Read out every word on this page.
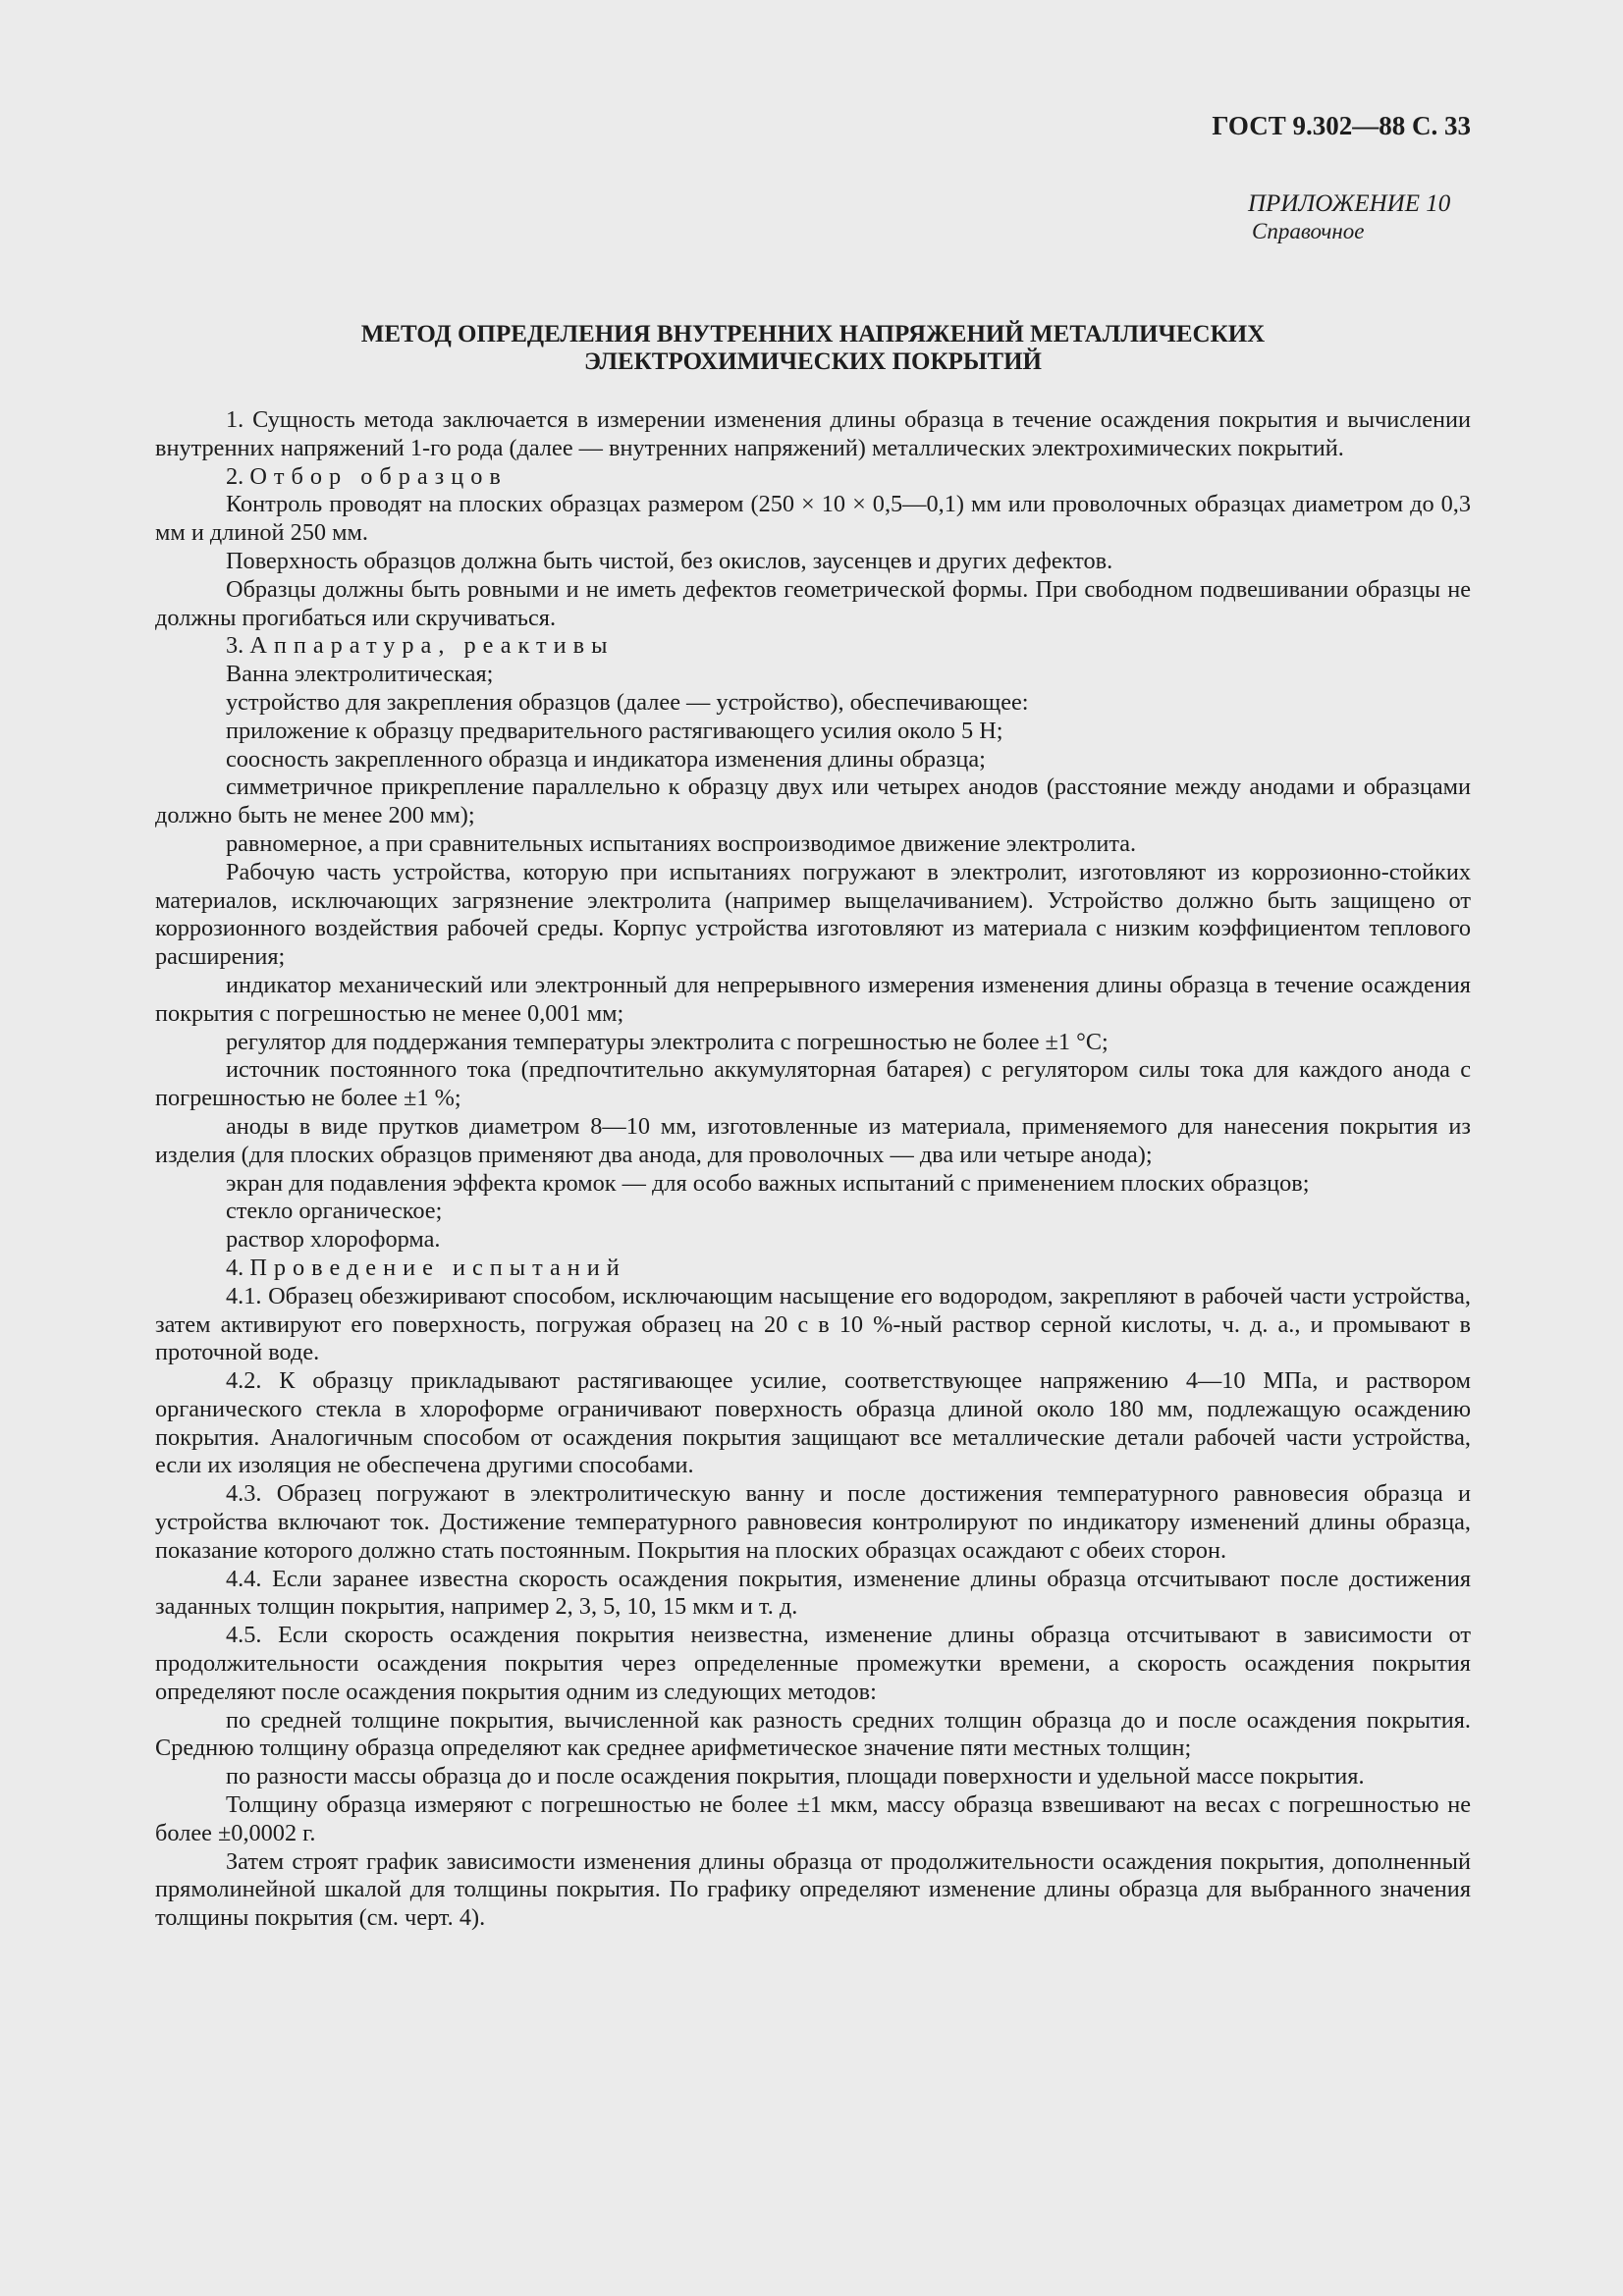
ГОСТ 9.302—88 С. 33

ПРИЛОЖЕНИЕ 10
Справочное
МЕТОД ОПРЕДЕЛЕНИЯ ВНУТРЕННИХ НАПРЯЖЕНИЙ МЕТАЛЛИЧЕСКИХ
ЭЛЕКТРОХИМИЧЕСКИХ ПОКРЫТИЙ

1. Сущность метода заключается в измерении изменения длины образца в течение осаждения покрытия и вычислении внутренних напряжений 1-го рода (далее — внутренних напряжений) металлических электрохимических покрытий.

2. Отбор образцов

Контроль проводят на плоских образцах размером (250 × 10 × 0,5—0,1) мм или проволочных образцах диаметром до 0,3 мм и длиной 250 мм.

Поверхность образцов должна быть чистой, без окислов, заусенцев и других дефектов.

Образцы должны быть ровными и не иметь дефектов геометрической формы. При свободном подвешивании образцы не должны прогибаться или скручиваться.

3. Аппаратура, реактивы

Ванна электролитическая;

устройство для закрепления образцов (далее — устройство), обеспечивающее:

приложение к образцу предварительного растягивающего усилия около 5 Н;

соосность закрепленного образца и индикатора изменения длины образца;

симметричное прикрепление параллельно к образцу двух или четырех анодов (расстояние между анодами и образцами должно быть не менее 200 мм);

равномерное, а при сравнительных испытаниях воспроизводимое движение электролита.

Рабочую часть устройства, которую при испытаниях погружают в электролит, изготовляют из коррозионно-стойких материалов, исключающих загрязнение электролита (например выщелачиванием). Устройство должно быть защищено от коррозионного воздействия рабочей среды. Корпус устройства изготовляют из материала с низким коэффициентом теплового расширения;

индикатор механический или электронный для непрерывного измерения изменения длины образца в течение осаждения покрытия с погрешностью не менее 0,001 мм;

регулятор для поддержания температуры электролита с погрешностью не более ±1 °С;

источник постоянного тока (предпочтительно аккумуляторная батарея) с регулятором силы тока для каждого анода с погрешностью не более ±1 %;

аноды в виде прутков диаметром 8—10 мм, изготовленные из материала, применяемого для нанесения покрытия из изделия (для плоских образцов применяют два анода, для проволочных — два или четыре анода);

экран для подавления эффекта кромок — для особо важных испытаний с применением плоских образцов;

стекло органическое;

раствор хлороформа.

4. Проведение испытаний

4.1. Образец обезжиривают способом, исключающим насыщение его водородом, закрепляют в рабочей части устройства, затем активируют его поверхность, погружая образец на 20 с в 10 %-ный раствор серной кислоты, ч. д. а., и промывают в проточной воде.

4.2. К образцу прикладывают растягивающее усилие, соответствующее напряжению 4—10 МПа, и раствором органического стекла в хлороформе ограничивают поверхность образца длиной около 180 мм, подлежащую осаждению покрытия. Аналогичным способом от осаждения покрытия защищают все металлические детали рабочей части устройства, если их изоляция не обеспечена другими способами.

4.3. Образец погружают в электролитическую ванну и после достижения температурного равновесия образца и устройства включают ток. Достижение температурного равновесия контролируют по индикатору изменений длины образца, показание которого должно стать постоянным. Покрытия на плоских образцах осаждают с обеих сторон.

4.4. Если заранее известна скорость осаждения покрытия, изменение длины образца отсчитывают после достижения заданных толщин покрытия, например 2, 3, 5, 10, 15 мкм и т. д.

4.5. Если скорость осаждения покрытия неизвестна, изменение длины образца отсчитывают в зависимости от продолжительности осаждения покрытия через определенные промежутки времени, а скорость осаждения покрытия определяют после осаждения покрытия одним из следующих методов:

по средней толщине покрытия, вычисленной как разность средних толщин образца до и после осаждения покрытия. Среднюю толщину образца определяют как среднее арифметическое значение пяти местных толщин;

по разности массы образца до и после осаждения покрытия, площади поверхности и удельной массе покрытия.

Толщину образца измеряют с погрешностью не более ±1 мкм, массу образца взвешивают на весах с погрешностью не более ±0,0002 г.

Затем строят график зависимости изменения длины образца от продолжительности осаждения покрытия, дополненный прямолинейной шкалой для толщины покрытия. По графику определяют изменение длины образца для выбранного значения толщины покрытия (см. черт. 4).
